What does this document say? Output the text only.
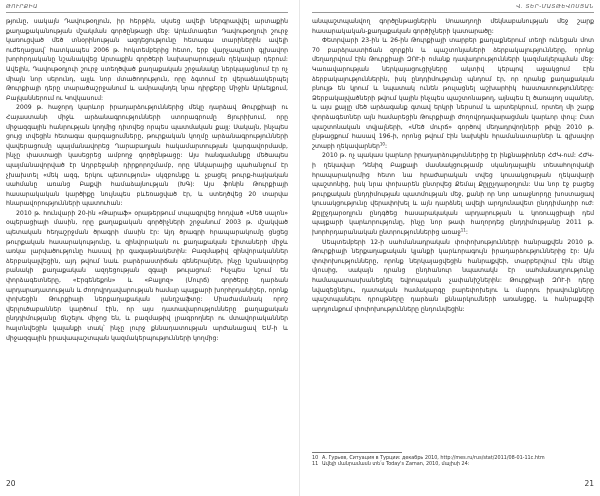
ԹՈՒՐՔԻԱ

թյունը, սակայն Դավութօղլուն, իր հերթին, սկսեց ավելի ներգրավվել արտաքին քաղաքականության մշակման գործընթացի մեջ: Արևմտագետ Դավութօղլուի շուրջ կառուցված մեծ տնօրինության ազդեցությունը հետագա տարիներին ավելի ուժեղացավ՝ հատկապես 2006 թ. հոկտեմբերից հետո, երբ վարչապետի գլխավոր խորհրդականը նշանակվեց Արտաքին գործերի նախարարության ղեկավար դերում: Ավելին, Դավութօղլուի շուրջ ստեղծված քաղաքական շրջանակը ներկայացնում էր ոչ միայն նոր սերունդ, այլև նոր մտածողություն, որը ձգտում էր վերաձևակերպել Թուրքիայի դերը տարածաշրջանում և ամրապնդել նրա դիրքերը Միջին Արևելքում, Բալկաններում ու Կովկասում:

2009 թ. հաջորդ կարևոր իրադարձություններից մեկը դարձավ Թուրքիայի ու Հայաստանի միջև արձանագրությունների ստորագրումը Ցյուրիխում, որը միջազգային հանրության կողմից դիտվեց որպես պատմական քայլ: Սակայն, ինչպես ցույց տվեցին հետագա զարգացումները, թուրքական կողմը արձանագրությունների վավերացումը պայմանավորեց Ղարաբաղյան հակամարտության կարգավորմամբ, ինչը փաստացի կասեցրեց ամբողջ գործընթացը: Այս հանգամանքը մեծապես պայմանավորված էր Ադրբեջանի դիրքորոշմամբ, որը Անկարայից պահանջում էր չխախտել «մեկ ազգ, երկու պետություն» սկզբունքը և չբացել թուրք-հայկական սահմանը առանց Բաքվի համաձայնության (ԽԳ): Այս ֆոնին Թուրքիայի հասարակական կարծիքը նույնպես բևեռացված էր, և ստեղծվեց 20 տարվա հնարավորությունների պատուհան:

2010 թ. հունվարի 20-ին «Թարաֆ» օրաթերթում տպագրվեց հոդված «Մեծ սալոն» օպերացիայի մասին, որը քաղաքական գործիչների շրջանում 2003 թ. մշակված պետական հեղաշրջման ծրագրի մասին էր: Այդ ծրագրի հրապարակումը ցնցեց թուրքական հասարակությունը, և զինվորական ու քաղաքական էլիտաների միջև առկա լարվածությունը հասավ իր գագաթնակետին: Բազմաթիվ զինվորականներ ձերբակալվեցին, այդ թվում նաև բարձրաստիճան գեներալներ, ինչը նշանավորեց բանակի քաղաքական ազդեցության զգալի թուլացում: Ինչպես նշում են փորձագետները, «Էրգենեքոն» և «Բալյոզ» (Մուրճ) գործերը դարձան արդարադատության և ժողովրդավարության համար պայքարի խորհրդանիշեր, որոնք փոխեցին Թուրքիայի ներքաղաքական լանդշաֆտը: Միաժամանակ որոշ վերլուծաբաններ կարծում էին, որ այս դատավարությունները քաղաքական ընդդիմությանը ճնշելու միջոց են, և բազմաթիվ լրագրողներ ու մտավորականներ հայտնվեցին կալանքի տակ՝ ինչը լուրջ քննադատության արժանացավ ԵՄ-ի և միջազգային իրավապաշտպան կազմակերպությունների կողմից:

20
Վ. ՏԵՐ-ՄԱՏԹԵՎՈՍՅԱՆ

անպաշտպանվող գործընթացներին Սոաադողի մեկնաբանության մեջ շարք հասարակական-քաղաքական գործիչների կատարածը:

Փետրվարի 23-ին և 26-ին Թուրքիայի տարբեր քաղաքներում տեղի ունեցան մոտ 70 բարձրաստիճան զորքին և պաշտոնյաների ձերբակալությունները, որոնք մեղադրվում էին Թուրքիայի ԶՈՒ-ի ոմանք դավադրությունների կազմակերպման մեջ: Կառավարության ներկայացուցիչները ակտիվ կերպով աջակցում էին ձերբակալություններին, իսկ ընդդիմությունը պնդում էր, որ դրանք քաղաքական բնույթ են կրում և նպատակ ունեն թուլացնել աշխարհիկ հաստատությունները: Ձերբակալվածների թվում կային ինչպես պաշտոնաթող, այնպես էլ ծառայող սպաներ, և այս քայլը մեծ արձագանք գտավ երկրի ներսում և արտերկրում, որտեղ մի շարք փորձագետներ այն համարեցին Թուրքիայի ժողովրդավարացման կարևոր փուլ: Ըստ պաշտոնական տվյալների, «Մեծ մուրճ» գործով մեղադրվողների թիվը 2010 թ. ընթացքում հասավ 196-ի, որոնց թվում էին նախկին հրամանատարներ և գլխավոր շտաբի ղեկավարներ$^{10}$:

2010 թ. ոչ պակաս կարևոր իրադարձություններից էր ինքնաթիռներ ՀԺԿ-ում: ՀԺԿ-ի ղեկավար Դենիզ Բայքալի մասնակցությամբ սկանդալային տեսահոլովակի հրապարակումից հետո նա հրաժարական տվեց կուսակցության ղեկավարի պաշտոնից, իսկ նրա փոխարեն ընտրվեց Քեմալ Քըլըչդարօղլուն: Սա նոր էջ բացեց թուրքական ընդդիմության պատմության մեջ, քանի որ նոր առաջնորդը խոստացավ կուսակցությունը վերափոխել և այն դարձնել ավելի արդյունավետ ընդդիմադիր ուժ: Քըլըչդարօղլուն ընդգծեց հասարակական արդարության և կոռուպցիայի դեմ պայքարի կարևորությունը, ինչը նոր թափ հաղորդեց ընդդիմությանը 2011 թ. խորհրդարանական ընտրություններից առաջ$^{11}$:

Սեպտեմբերի 12-ի սահմանադրական փոփոխությունների հանրաքվեն 2010 թ. Թուրքիայի ներքաղաքական կյանքի կարևորագույն իրադարձություններից էր: Այն փոփոխությունները, որոնք ներկայացվեցին հանրաքվեի, տարբերվում էին մեկը մյուսից, սակայն դրանց ընդհանուր նպատակն էր սահմանադրությունը համապատասխանեցնել եվրոպական չափանիշներին: Թուրքիայի ԶՈՒ-ի դերը նվազեցնելու, դատական համակարգը բարեփոխելու և մարդու իրավունքները պաշտպանելու դրույթները դարձան քննարկումների առանցքը, և հանրաքվեի արդյունքում փոփոխությունները ընդունվեցին:

10 А. Гурьев, Ситуация в Турции: декабрь 2010, http://mes.ru/rus/stat/2011/08-01-11c.htm
11 Ավելի մանրամասն տե՛ս Today's Zaman, 2010, մայիսի 24:
21
